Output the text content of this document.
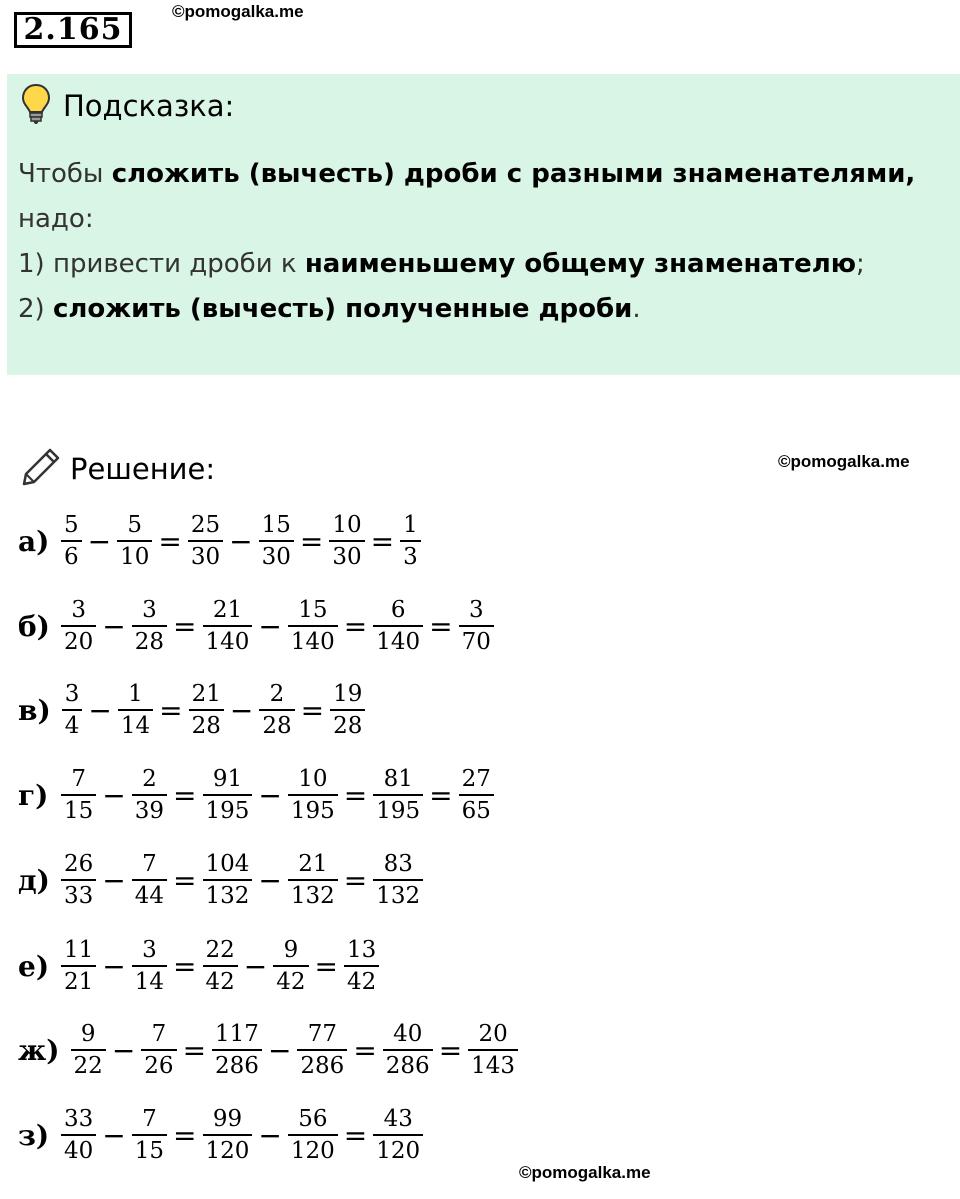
2.165
©pomogalka.me
Подсказка:
Чтобы сложить (вычесть) дроби с разными знаменателями,
надо:
1) привести дроби к наименьшему общему знаменателю;
2) сложить (вычесть) полученные дроби.
Решение:	©pomogalka.me
$а) \frac{5}{6} - \frac{5}{10} = \frac{25}{30} - \frac{15}{30} = \frac{10}{30} = \frac{1}{3}$
$б) \frac{3}{20} - \frac{3}{28} = \frac{21}{140} - \frac{15}{140} = \frac{6}{140} = \frac{3}{70}$
$в) \frac{3}{4} - \frac{1}{14} = \frac{21}{28} - \frac{2}{28} = \frac{19}{28}$
$г) \frac{7}{15} - \frac{2}{39} = \frac{91}{195} - \frac{10}{195} = \frac{81}{195} = \frac{27}{65}$
$д) \frac{26}{33} - \frac{7}{44} = \frac{104}{132} - \frac{21}{132} = \frac{83}{132}$
$е) \frac{11}{21} - \frac{3}{14} = \frac{22}{42} - \frac{9}{42} = \frac{13}{42}$
$ж) \frac{9}{22} - \frac{7}{26} = \frac{117}{286} - \frac{77}{286} = \frac{40}{286} = \frac{20}{143}$
$з) \frac{33}{40} - \frac{7}{15} = \frac{99}{120} - \frac{56}{120} = \frac{43}{120}$
©pomogalka.me
